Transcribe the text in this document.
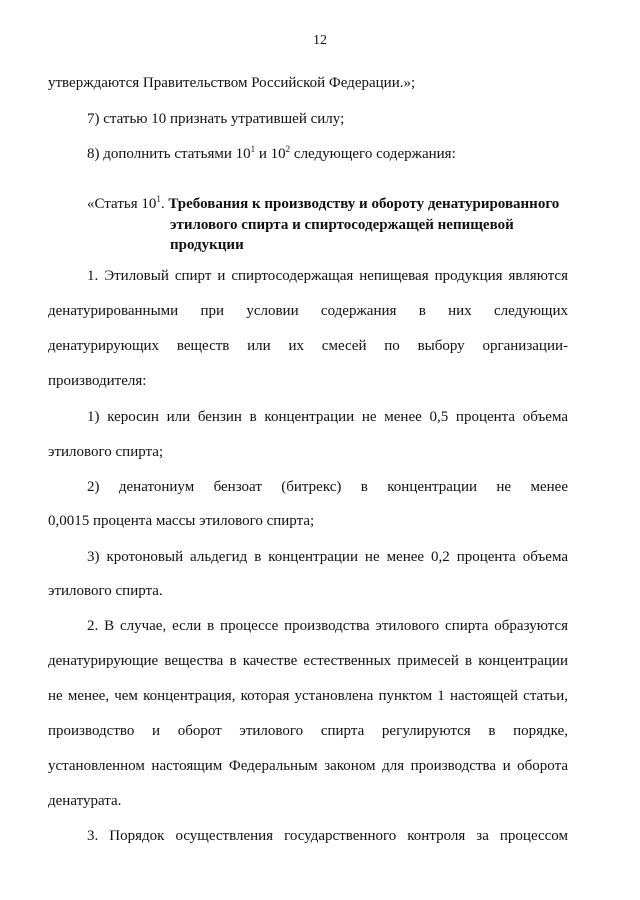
12

утверждаются Правительством Российской Федерации.»;

7) статью 10 признать утратившей силу;

8) дополнить статьями $10^1$ и $10^2$ следующего содержания:

«Статья $10^1$. Требования к производству и обороту денатурированного

этилового спирта и спиртосодержащей непищевой

продукции

1. Этиловый спирт и спиртосодержащая непищевая продукция являются

денатурированными при условии содержания в них следующих

денатурирующих веществ или их смесей по выбору организации-

производителя:

1) керосин или бензин в концентрации не менее 0,5 процента объема

этилового спирта;

2) денатониум бензоат (битрекс) в концентрации не менее

0,0015 процента массы этилового спирта;

3) кротоновый альдегид в концентрации не менее 0,2 процента объема

этилового спирта.

2. В случае, если в процессе производства этилового спирта образуются

денатурирующие вещества в качестве естественных примесей в концентрации

не менее, чем концентрация, которая установлена пунктом 1 настоящей статьи,

производство и оборот этилового спирта регулируются в порядке,

установленном настоящим Федеральным законом для производства и оборота

денатурата.

3. Порядок осуществления государственного контроля за процессом
